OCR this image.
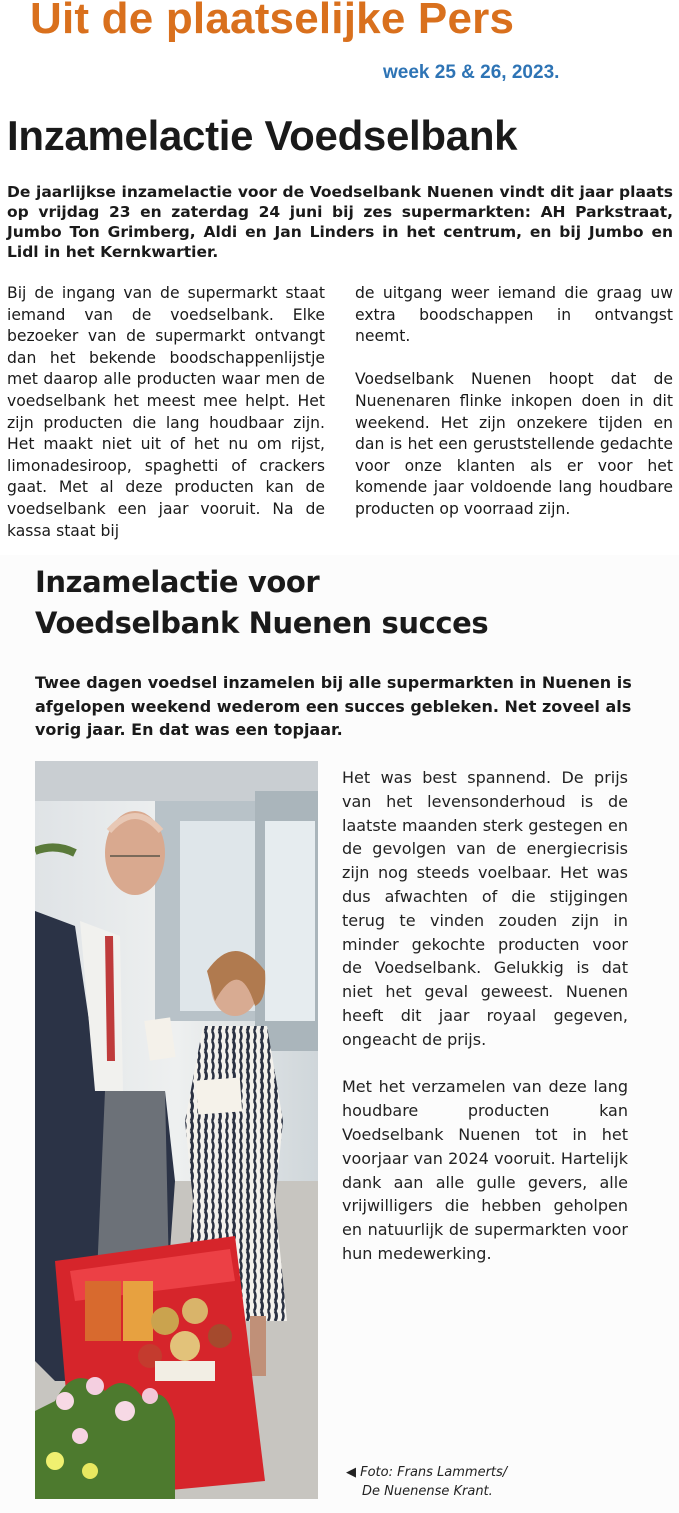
Uit de plaatselijke Pers
week 25 & 26, 2023.
Inzamelactie Voedselbank
De jaarlijkse inzamelactie voor de Voedselbank Nuenen vindt dit jaar plaats op vrijdag 23 en zaterdag 24 juni bij zes supermarkten: AH Parkstraat, Jumbo Ton Grimberg, Aldi en Jan Linders in het centrum, en bij Jumbo en Lidl in het Kernkwartier.

Bij de ingang van de supermarkt staat iemand van de voedselbank. Elke bezoeker van de supermarkt ontvangt dan het bekende boodschappenlijstje met daarop alle producten waar men de voedselbank het meest mee helpt. Het zijn producten die lang houdbaar zijn. Het maakt niet uit of het nu om rijst, limonadesiroop, spaghetti of crackers gaat. Met al deze producten kan de voedselbank een jaar vooruit. Na de kassa staat bij

de uitgang weer iemand die graag uw extra boodschappen in ontvangst neemt.

Voedselbank Nuenen hoopt dat de Nuenenaren flinke inkopen doen in dit weekend. Het zijn onzekere tijden en dan is het een geruststellende gedachte voor onze klanten als er voor het komende jaar voldoende lang houdbare producten op voorraad zijn.

Inzamelactie voor
Voedselbank Nuenen succes
Twee dagen voedsel inzamelen bij alle supermarkten in Nuenen is afgelopen weekend wederom een succes gebleken. Net zoveel als vorig jaar. En dat was een topjaar.

Het was best spannend. De prijs van het levensonderhoud is de laatste maanden sterk gestegen en de gevolgen van de energiecrisis zijn nog steeds voelbaar. Het was dus afwachten of die stijgingen terug te vinden zouden zijn in minder gekochte producten voor de Voedselbank. Gelukkig is dat niet het geval geweest. Nuenen heeft dit jaar royaal gegeven, ongeacht de prijs.

Met het verzamelen van deze lang houdbare producten kan Voedselbank Nuenen tot in het voorjaar van 2024 vooruit. Hartelijk dank aan alle gulle gevers, alle vrijwilligers die hebben geholpen en natuurlijk de supermarkten voor hun medewerking.

◀ Foto: Frans Lammerts/
De Nuenense Krant.
